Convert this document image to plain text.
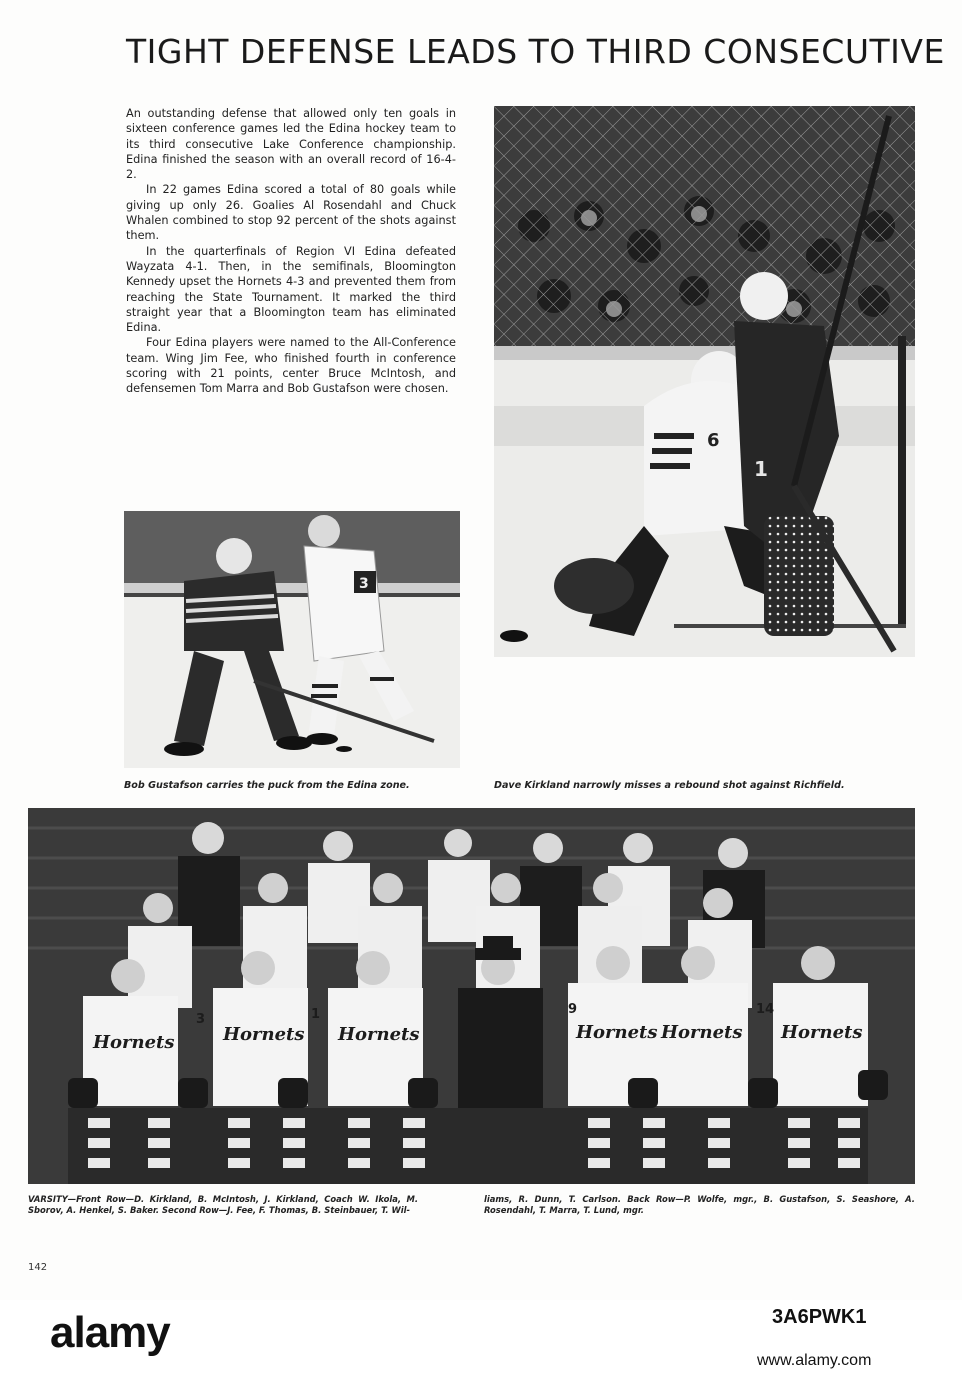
TIGHT DEFENSE LEADS TO THIRD CONSECUTIVE

An outstanding defense that allowed only ten goals in sixteen conference games led the Edina hockey team to its third consecutive Lake Conference championship. Edina finished the season with an overall record of 16-4-2.

In 22 games Edina scored a total of 80 goals while giving up only 26. Goalies Al Rosendahl and Chuck Whalen combined to stop 92 percent of the shots against them.

In the quarterfinals of Region VI Edina defeated Wayzata 4-1. Then, in the semifinals, Bloomington Kennedy upset the Hornets 4-3 and prevented them from reaching the State Tournament. It marked the third straight year that a Bloomington team has eliminated Edina.

Four Edina players were named to the All-Conference team. Wing Jim Fee, who finished fourth in conference scoring with 21 points, center Bruce McIntosh, and defensemen Tom Marra and Bob Gustafson were chosen.

6
1
3
Bob Gustafson carries the puck from the Edina zone.	Dave Kirkland narrowly misses a rebound shot against Richfield.
Hornets	Hornets Hornets	Hornets Hornets Hornets
3	1	9	14
VARSITY—Front Row—D. Kirkland, B. McIntosh, J. Kirkland, Coach W. Ikola, M. Sborov, A. Henkel, S. Baker. Second Row—J. Fee, F. Thomas, B. Steinbauer, T. Wil-
liams, R. Dunn, T. Carlson. Back Row—P. Wolfe, mgr., B. Gustafson, S. Seashore, A. Rosendahl, T. Marra, T. Lund, mgr.
142
alamy	3A6PWK1
www.alamy.com
